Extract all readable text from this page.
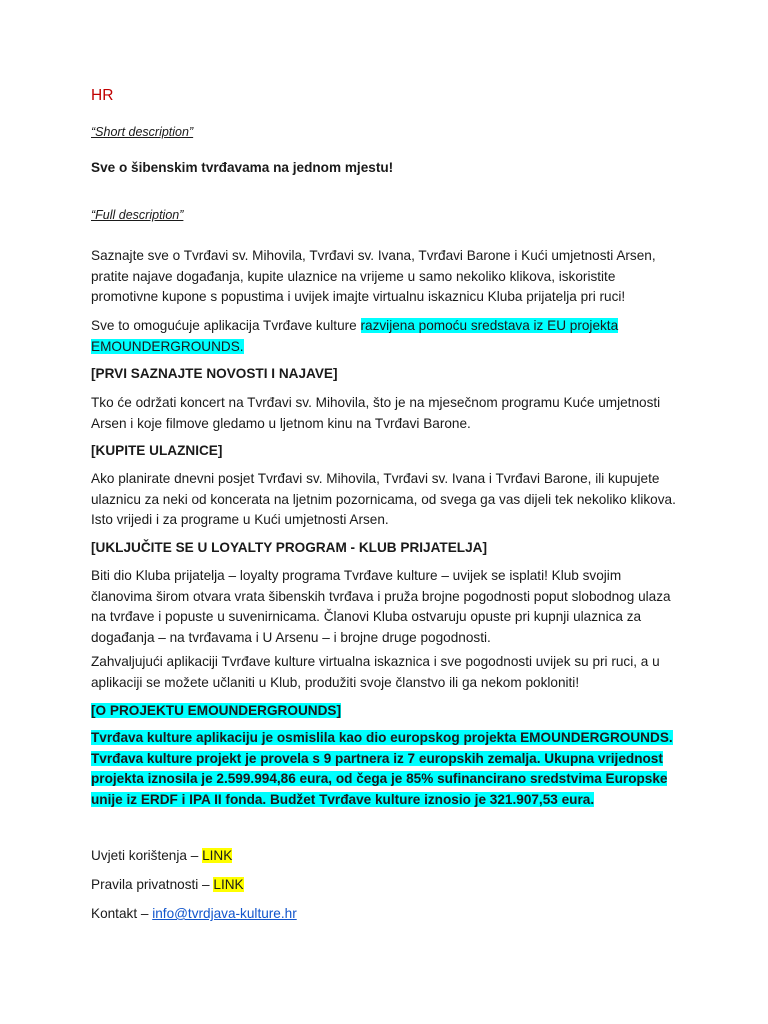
HR
“Short description”
Sve o šibenskim tvrđavama na jednom mjestu!
“Full description”
Saznajte sve o Tvrđavi sv. Mihovila, Tvrđavi sv. Ivana, Tvrđavi Barone i Kući umjetnosti Arsen, pratite najave događanja, kupite ulaznice na vrijeme u samo nekoliko klikova, iskoristite promotivne kupone s popustima i uvijek imajte virtualnu iskaznicu Kluba prijatelja pri ruci!
Sve to omogućuje aplikacija Tvrđave kulture razvijena pomoću sredstava iz EU projekta EMOUNDERGROUNDS.
[PRVI SAZNAJTE NOVOSTI I NAJAVE]
Tko će održati koncert na Tvrđavi sv. Mihovila, što je na mjesečnom programu Kuće umjetnosti Arsen i koje filmove gledamo u ljetnom kinu na Tvrđavi Barone.
[KUPITE ULAZNICE]
Ako planirate dnevni posjet Tvrđavi sv. Mihovila, Tvrđavi sv. Ivana i Tvrđavi Barone, ili kupujete ulaznicu za neki od koncerata na ljetnim pozornicama, od svega ga vas dijeli tek nekoliko klikova. Isto vrijedi i za programe u Kući umjetnosti Arsen.
[UKLJUČITE SE U LOYALTY PROGRAM - KLUB PRIJATELJA]
Biti dio Kluba prijatelja – loyalty programa Tvrđave kulture – uvijek se isplati! Klub svojim članovima širom otvara vrata šibenskih tvrđava i pruža brojne pogodnosti poput slobodnog ulaza na tvrđave i popuste u suvenirnicama. Članovi Kluba ostvaruju opuste pri kupnji ulaznica za događanja – na tvrđavama i U Arsenu – i brojne druge pogodnosti.
Zahvaljujući aplikaciji Tvrđave kulture virtualna iskaznica i sve pogodnosti uvijek su pri ruci, a u aplikaciji se možete učlaniti u Klub, produžiti svoje članstvo ili ga nekom pokloniti!
[O PROJEKTU EMOUNDERGROUNDS]
Tvrđava kulture aplikaciju je osmislila kao dio europskog projekta EMOUNDERGROUNDS. Tvrđava kulture projekt je provela s 9 partnera iz 7 europskih zemalja. Ukupna vrijednost projekta iznosila je 2.599.994,86 eura, od čega je 85% sufinancirano sredstvima Europske unije iz ERDF i IPA II fonda. Budžet Tvrđave kulture iznosio je 321.907,53 eura.
Uvjeti korištenja – LINK
Pravila privatnosti – LINK
Kontakt – info@tvrdjava-kulture.hr
